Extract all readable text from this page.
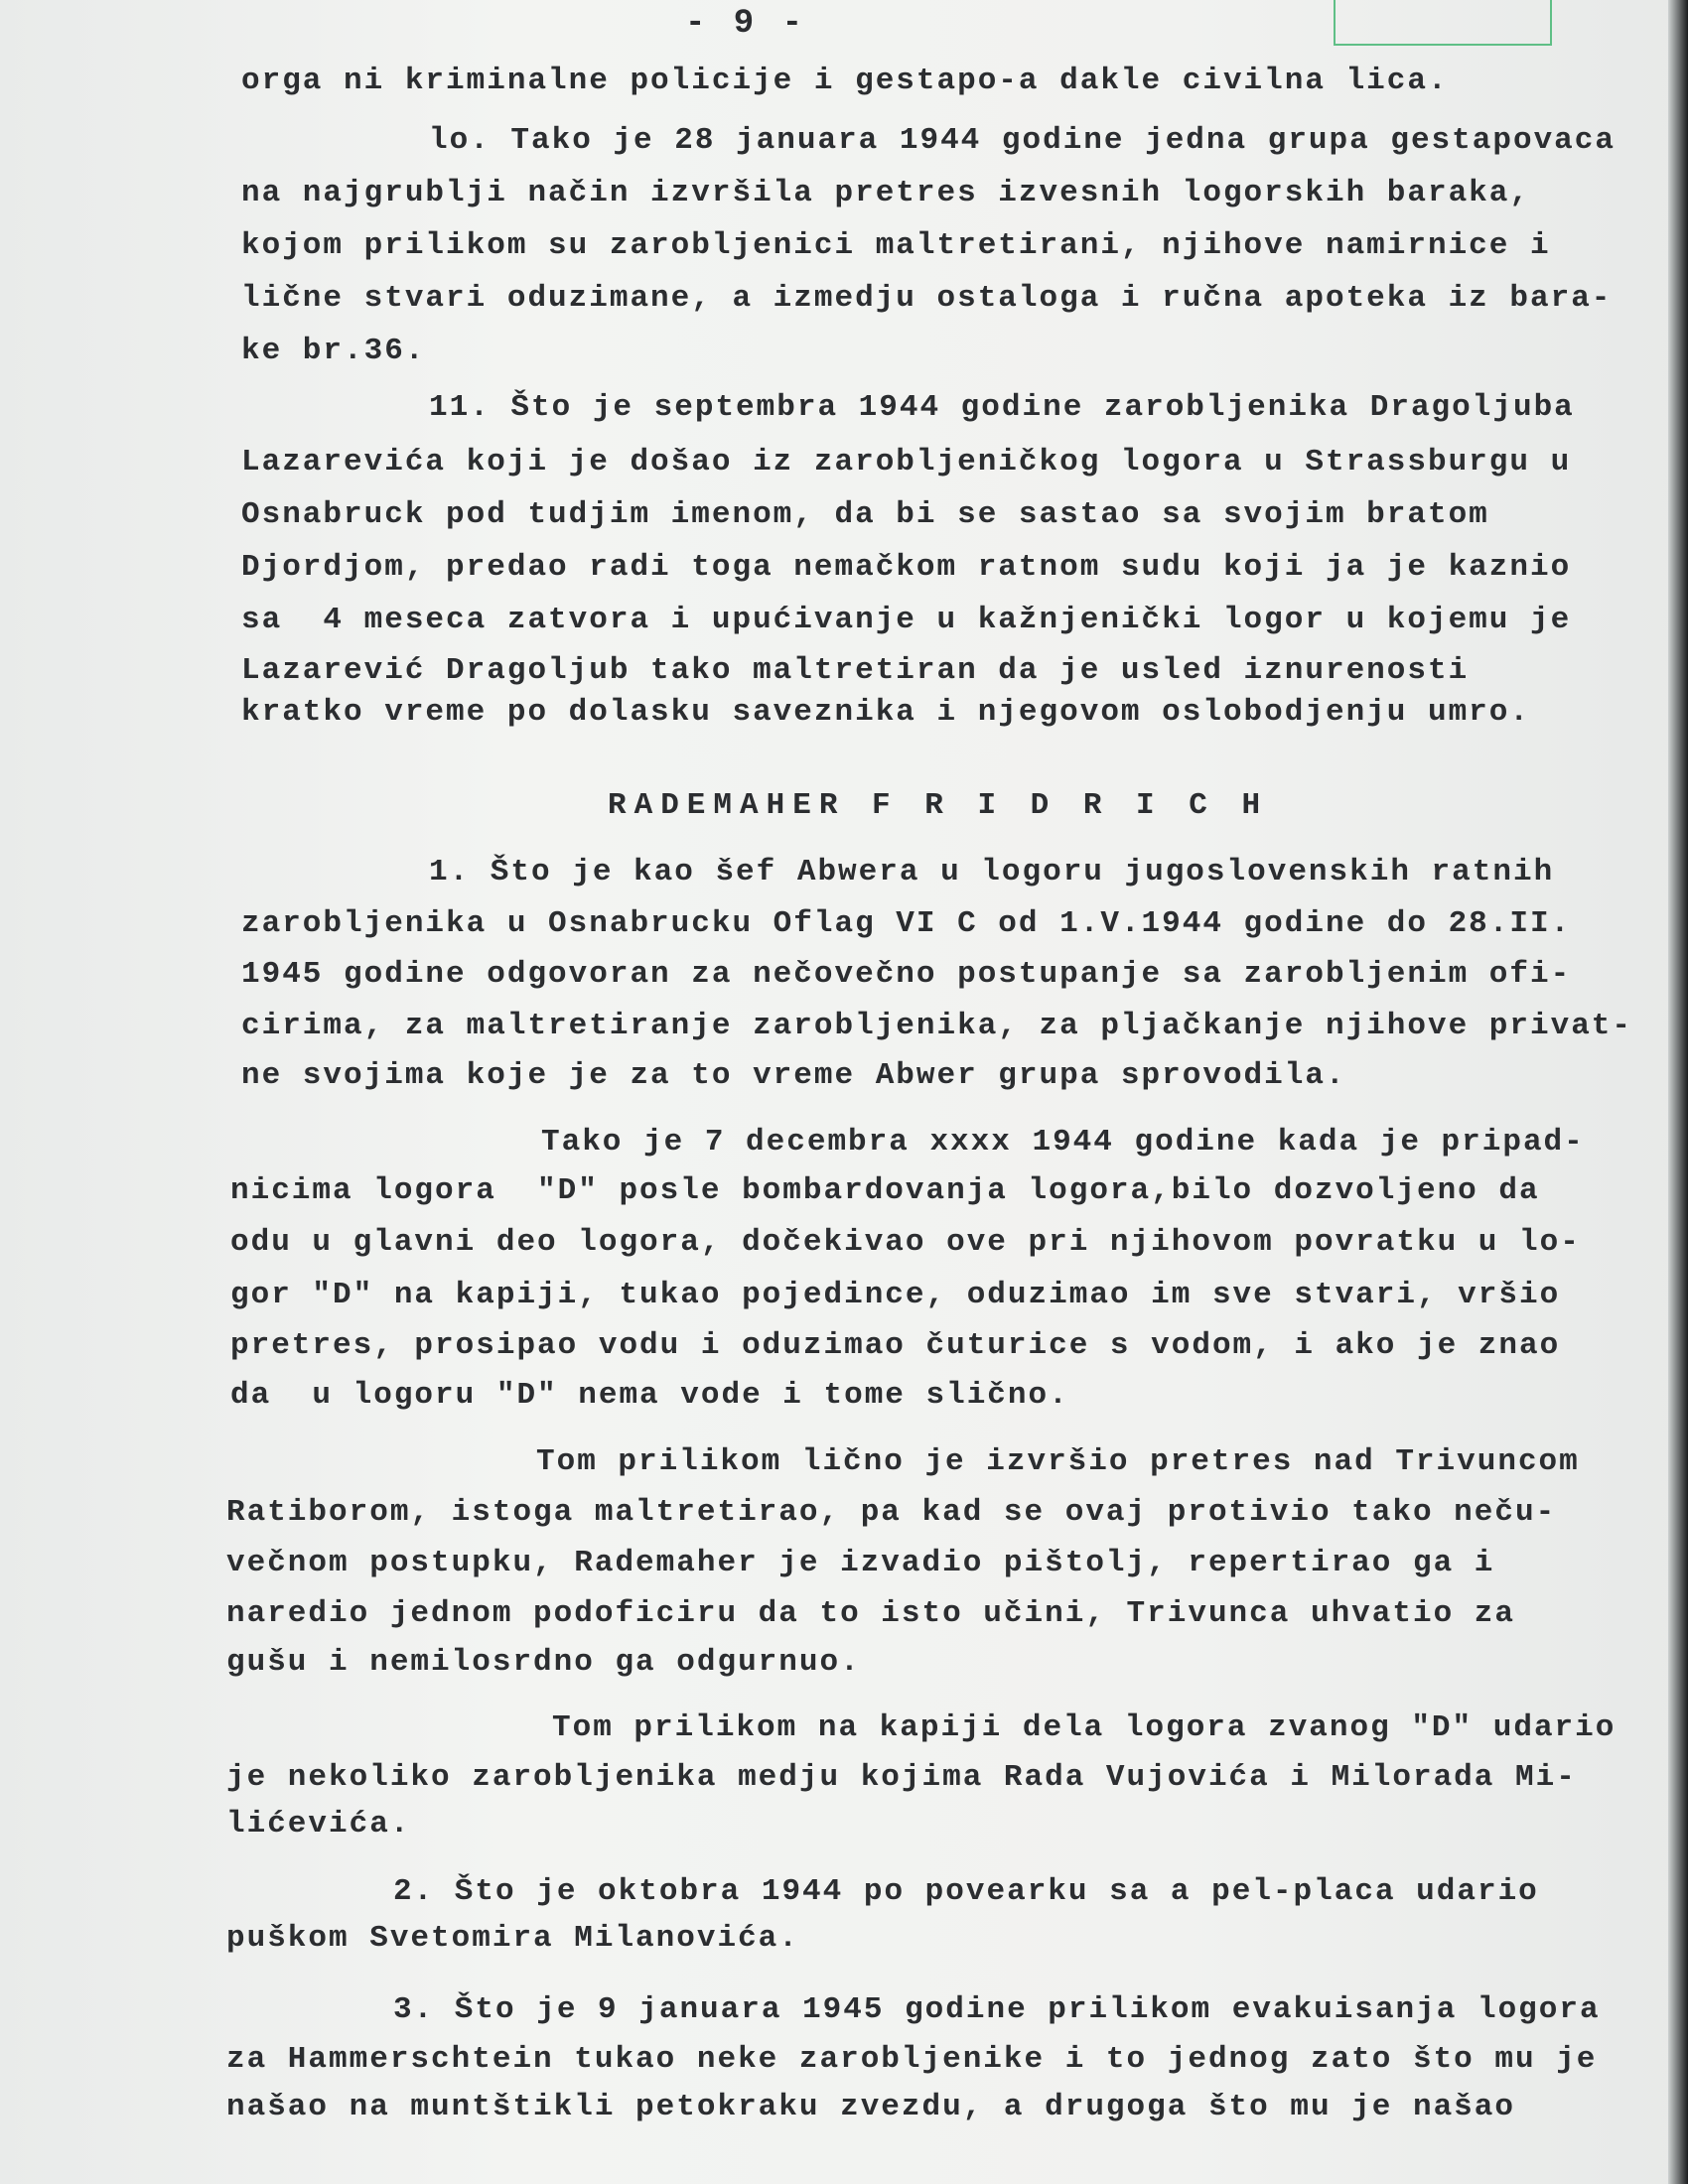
- 9 -
orga ni kriminalne policije i gestapo-a dakle civilna lica.
lo. Tako je 28 januara 1944 godine jedna grupa gestapovaca
na najgrublji način izvršila pretres izvesnih logorskih baraka,
kojom prilikom su zarobljenici maltretirani, njihove namirnice i
lične stvari oduzimane, a izmedju ostaloga i ručna apoteka iz bara-
ke br.36.
11. Što je septembra 1944 godine zarobljenika Dragoljuba
Lazarevića koji je došao iz zarobljeničkog logora u Strassburgu u
Osnabruck pod tudjim imenom, da bi se sastao sa svojim bratom
Djordjom, predao radi toga nemačkom ratnom sudu koji ja je kaznio
sa  4 meseca zatvora i upućivanje u kažnjenički logor u kojemu je
Lazarević Dragoljub tako maltretiran da je usled iznurenosti
kratko vreme po dolasku saveznika i njegovom oslobodjenju umro.
RADEMAHER F R I D R I C H
1. Što je kao šef Abwera u logoru jugoslovenskih ratnih
zarobljenika u Osnabrucku Oflag VI C od 1.V.1944 godine do 28.II.
1945 godine odgovoran za nečovečno postupanje sa zarobljenim ofi-
cirima, za maltretiranje zarobljenika, za pljačkanje njihove privat-
ne svojima koje je za to vreme Abwer grupa sprovodila.
Tako je 7 decembra xxxx 1944 godine kada je pripad-
nicima logora  "D" posle bombardovanja logora,bilo dozvoljeno da
odu u glavni deo logora, dočekivao ove pri njihovom povratku u lo-
gor "D" na kapiji, tukao pojedince, oduzimao im sve stvari, vršio
pretres, prosipao vodu i oduzimao čuturice s vodom, i ako je znao
da  u logoru "D" nema vode i tome slično.
Tom prilikom lično je izvršio pretres nad Trivuncom
Ratiborom, istoga maltretirao, pa kad se ovaj protivio tako neču-
večnom postupku, Rademaher je izvadio pištolj, repertirao ga i
naredio jednom podoficiru da to isto učini, Trivunca uhvatio za
gušu i nemilosrdno ga odgurnuo.
Tom prilikom na kapiji dela logora zvanog "D" udario
je nekoliko zarobljenika medju kojima Rada Vujovića i Milorada Mi-
lićevića.
2. Što je oktobra 1944 po povearku sa a pel-placa udario
puškom Svetomira Milanovića.
3. Što je 9 januara 1945 godine prilikom evakuisanja logora
za Hammerschtein tukao neke zarobljenike i to jednog zato što mu je
našao na muntštikli petokraku zvezdu, a drugoga što mu je našao
